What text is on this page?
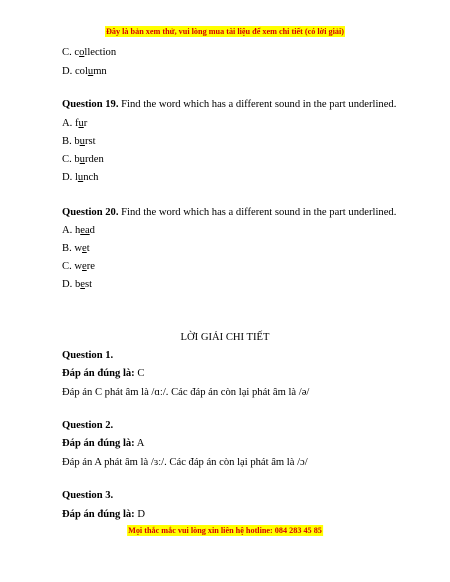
Đây là bản xem thử, vui lòng mua tài liệu để xem chi tiết (có lời giải)
C. collection
D. column
Question 19. Find the word which has a different sound in the part underlined.
A. fur
B. burst
C. burden
D. lunch
Question 20. Find the word which has a different sound in the part underlined.
A. head
B. wet
C. were
D. best
LỜI GIẢI CHI TIẾT
Question 1.
Đáp án đúng là: C
Đáp án C phát âm là /ɑː/. Các đáp án còn lại phát âm là /ə/
Question 2.
Đáp án đúng là: A
Đáp án A phát âm là /ɜː/. Các đáp án còn lại phát âm là /ɔ/
Question 3.
Đáp án đúng là: D
Mọi thắc mắc vui lòng xin liên hệ hotline: 084 283 45 85
